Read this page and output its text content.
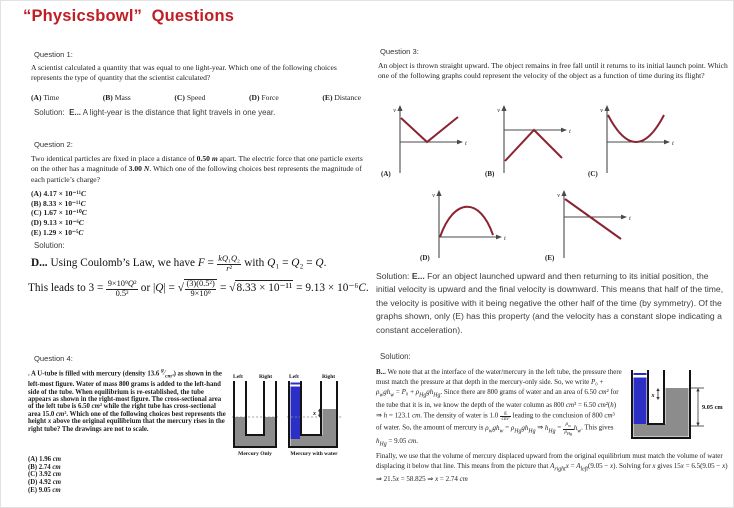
“Physicsbowl”  Questions
Question 1:
A scientist calculated a quantity that was equal to one light-year. Which one of the following choices represents the type of quantity that the scientist calculated?
(A) Time	(B) Mass	(C) Speed	(D) Force	(E) Distance
Solution: E... A light-year is the distance that light travels in one year.
Question 2:
Two identical particles are fixed in place a distance of 0.50 m apart. The electric force that one particle exerts on the other has a magnitude of 3.00 N. Which one of the following choices best represents the magnitude of each particle’s charge?
(A) 4.17 × 10⁻¹¹C
(B) 8.33 × 10⁻¹¹C
(C) 1.67 × 10⁻¹⁰C
(D) 9.13 × 10⁻⁶C
(E) 1.29 × 10⁻⁵C
Solution:
D... Using Coulomb’s Law, we have $F = \frac{\text{kQ₁Q₂}}{\text{r²}}$ with Q₁ = Q₂ = Q.
This leads to $3 = \frac{\text{9×10⁹Q²}}{\text{0.5²}}$ or |Q| = √ $\frac{\text{(3)(0.5²)}}{\text{9×10⁹}} = √8.33 \times 10^{-11} = 9.13 \times 10^{-6}C$.
Question 3:
An object is thrown straight upward. The object remains in free fall until it returns to its initial launch point. Which one of the following graphs could represent the velocity of the object as a function of time during its flight?
v
t
(A)
v
t
(B)
v
t
(C)
v
t
(D)
v
t
(E)
Solution: E... For an object launched upward and then returning to its initial position, the initial velocity is upward and the final velocity is downward. This means that half of the time, the velocity is positive with it being negative the other half of the time (by symmetry). Of the graphs shown, only (E) has this property (and the velocity has a constant slope indicating a constant acceleration).
Question 4:
. A U-tube is filled with mercury (density 13.6 $^g⁄_{cm^3}$) as shown in the left-most figure. Water of mass 800 grams is added to the left-hand side of the tube. When equilibrium is re-established, the tube appears as shown in the right-most figure. The cross-sectional area of the left tube is 6.50 cm² while the right tube has cross-sectional area 15.0 cm². Which one of the following choices best represents the height x above the original equilibrium that the mercury rises in the right tube? The drawings are not to scale.
(A) 1.96 cm
(B) 2.74 cm
(C) 3.92 cm
(D) 4.92 cm
(E) 9.05 cm
Left	Right
Mercury Only
Left	Right
x
Mercury with water
Solution:
x
9.05 cm

B... We note that at the interface of the water/mercury in the left tube, the pressure there must match the pressure at that depth in the mercury-only side. So, we write $P_0 + \rho_wgh_w = P_0 + \rho_{Hg}gh_{Hg}$. Since there are 800 grams of water and an area of 6.50 cm² for the tube that it is in, we know the depth of the water column as 800 cm³ = 6.50 cm²(h) ⇒ h = 123.1 cm. The density of water is $1.0 \frac{g}{\text{cm³}}$ leading to the conclusion of 800 cm³ of water. So, the amount of mercury is $\rho_wgh_w = \rho_{Hg}gh_{Hg}$ ⇒ $h_{Hg} = \rho_w$
$\rho_{Hg}$
$h_w$. This gives $h_{Hg} = 9.05$ cm.

Finally, we use that the volume of mercury displaced upward from the original equilibrium must match the volume of water displacing it below that line. This means from the picture that $A_{right}x = A_{left}(9.05 - x)$. Solving for x gives 15x = 6.5(9.05 − x) ⇒ 21.5x = 58.825 ⇒ x = 2.74 cm
